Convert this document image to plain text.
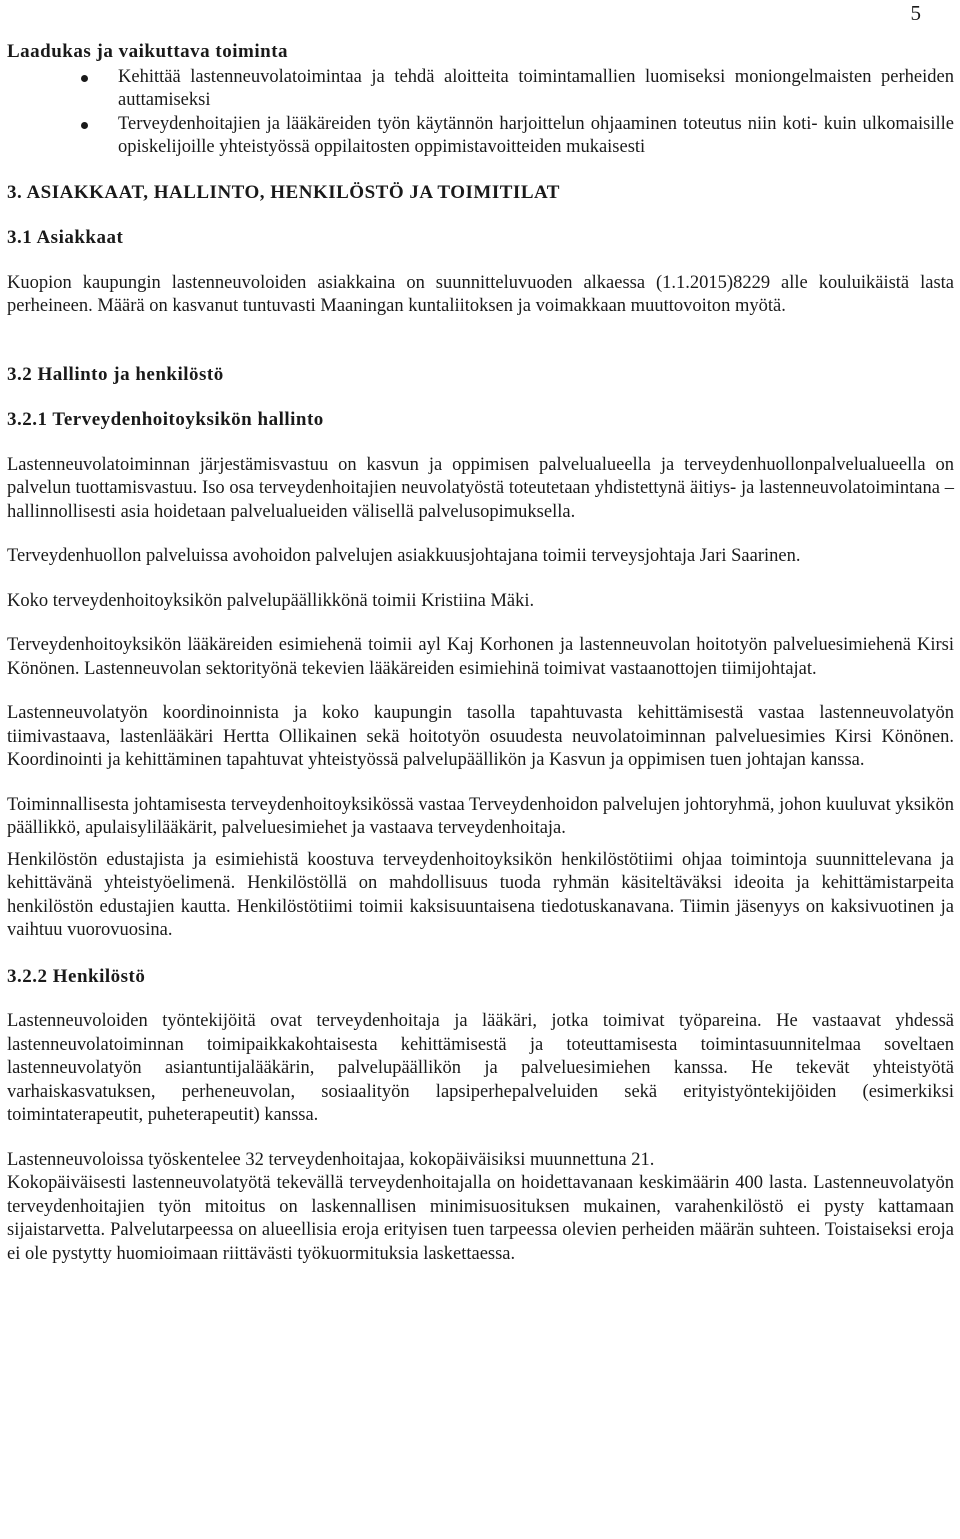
5
Laadukas ja vaikuttava toiminta
Kehittää lastenneuvolatoimintaa ja tehdä aloitteita toimintamallien luomiseksi moniongelmaisten perheiden auttamiseksi
Terveydenhoitajien ja lääkäreiden työn käytännön harjoittelun ohjaaminen toteutus niin koti- kuin ulkomaisille opiskelijoille yhteistyössä oppilaitosten oppimistavoitteiden mukaisesti
3. ASIAKKAAT, HALLINTO, HENKILÖSTÖ JA TOIMITILAT
3.1 Asiakkaat

Kuopion kaupungin lastenneuvoloiden asiakkaina on suunnitteluvuoden alkaessa (1.1.2015)8229 alle kouluikäistä lasta perheineen. Määrä on kasvanut tuntuvasti Maaningan kuntaliitoksen ja voimakkaan muuttovoiton myötä.

3.2 Hallinto ja henkilöstö
3.2.1 Terveydenhoitoyksikön hallinto

Lastenneuvolatoiminnan järjestämisvastuu on kasvun ja oppimisen palvelualueella ja terveydenhuollonpalvelualueella on palvelun tuottamisvastuu. Iso osa terveydenhoitajien neuvolatyöstä toteutetaan yhdistettynä äitiys- ja lastenneuvolatoimintana – hallinnollisesti asia hoidetaan palvelualueiden välisellä palvelusopimuksella.

Terveydenhuollon palveluissa avohoidon palvelujen asiakkuusjohtajana toimii terveysjohtaja Jari Saarinen.

Koko terveydenhoitoyksikön palvelupäällikkönä toimii Kristiina Mäki.

Terveydenhoitoyksikön lääkäreiden esimiehenä toimii ayl Kaj Korhonen ja lastenneuvolan hoitotyön palveluesimiehenä Kirsi Könönen. Lastenneuvolan sektorityönä tekevien lääkäreiden esimiehinä toimivat vastaanottojen tiimijohtajat.

Lastenneuvolatyön koordinoinnista ja koko kaupungin tasolla tapahtuvasta kehittämisestä vastaa lastenneuvolatyön tiimivastaava, lastenlääkäri Hertta Ollikainen sekä hoitotyön osuudesta neuvolatoiminnan palveluesimies Kirsi Könönen. Koordinointi ja kehittäminen tapahtuvat yhteistyössä palvelupäällikön ja Kasvun ja oppimisen tuen johtajan kanssa.

Toiminnallisesta johtamisesta terveydenhoitoyksikössä vastaa Terveydenhoidon palvelujen johtoryhmä, johon kuuluvat yksikön päällikkö, apulaisylilääkärit, palveluesimiehet ja vastaava terveydenhoitaja.

Henkilöstön edustajista ja esimiehistä koostuva terveydenhoitoyksikön henkilöstötiimi ohjaa toimintoja suunnittelevana ja kehittävänä yhteistyöelimenä. Henkilöstöllä on mahdollisuus tuoda ryhmän käsiteltäväksi ideoita ja kehittämistarpeita henkilöstön edustajien kautta. Henkilöstötiimi toimii kaksisuuntaisena tiedotuskanavana. Tiimin jäsenyys on kaksivuotinen ja vaihtuu vuorovuosina.

3.2.2 Henkilöstö

Lastenneuvoloiden työntekijöitä ovat terveydenhoitaja ja lääkäri, jotka toimivat työpareina. He vastaavat yhdessä lastenneuvolatoiminnan toimipaikkakohtaisesta kehittämisestä ja toteuttamisesta toimintasuunnitelmaa soveltaen lastenneuvolatyön asiantuntijalääkärin, palvelupäällikön ja palveluesimiehen kanssa. He tekevät yhteistyötä varhaiskasvatuksen, perheneuvolan, sosiaalityön lapsiperhepalveluiden sekä erityistyöntekijöiden (esimerkiksi toimintaterapeutit, puheterapeutit) kanssa.

Lastenneuvoloissa työskentelee 32 terveydenhoitajaa, kokopäiväisiksi muunnettuna 21.

Kokopäiväisesti lastenneuvolatyötä tekevällä terveydenhoitajalla on hoidettavanaan keskimäärin 400 lasta. Lastenneuvolatyön terveydenhoitajien työn mitoitus on laskennallisen minimisuosituksen mukainen, varahenkilöstö ei pysty kattamaan sijaistarvetta. Palvelutarpeessa on alueellisia eroja erityisen tuen tarpeessa olevien perheiden määrän suhteen. Toistaiseksi eroja ei ole pystytty huomioimaan riittävästi työkuormituksia laskettaessa.
